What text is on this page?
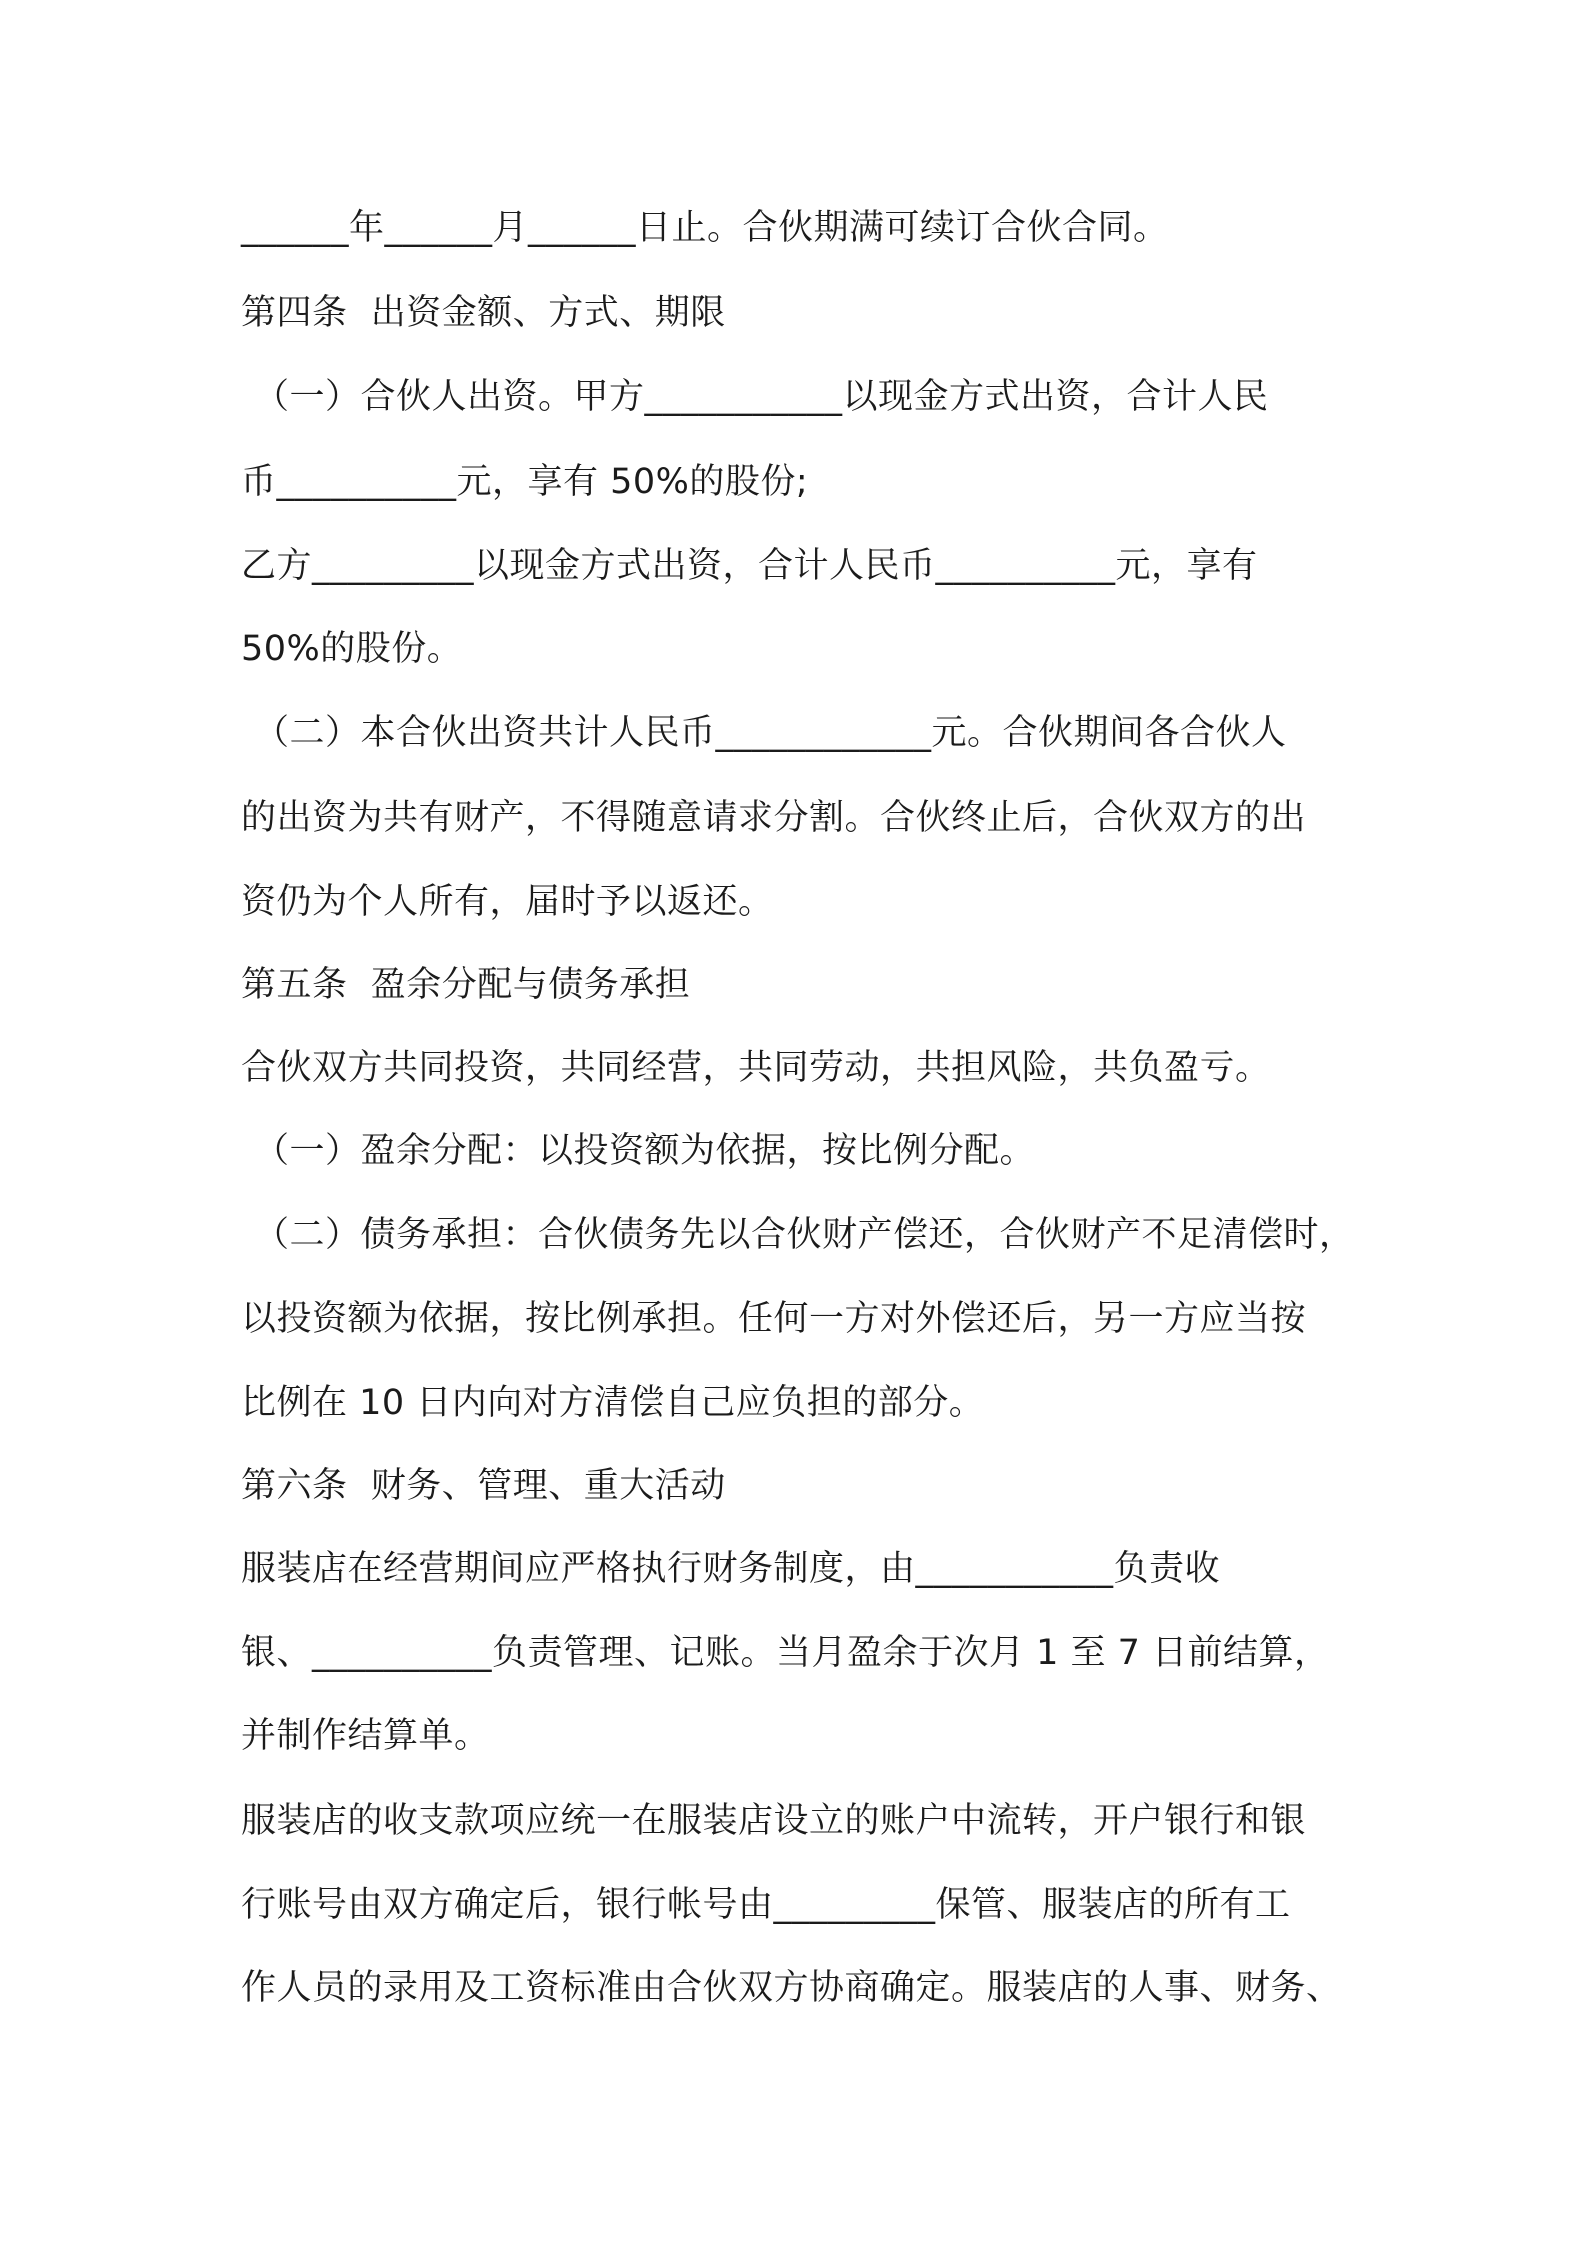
______年______月______日止。合伙期满可续订合伙合同。
第四条  出资金额、方式、期限
（一）合伙人出资。甲方___________以现金方式出资，合计人民
币__________元，享有 50%的股份;
乙方_________以现金方式出资，合计人民币__________元，享有
50%的股份。
（二）本合伙出资共计人民币____________元。合伙期间各合伙人
的出资为共有财产，不得随意请求分割。合伙终止后，合伙双方的出
资仍为个人所有，届时予以返还。
第五条  盈余分配与债务承担
合伙双方共同投资，共同经营，共同劳动，共担风险，共负盈亏。
（一）盈余分配：以投资额为依据，按比例分配。
（二）债务承担：合伙债务先以合伙财产偿还，合伙财产不足清偿时，
以投资额为依据，按比例承担。任何一方对外偿还后，另一方应当按
比例在 10 日内向对方清偿自己应负担的部分。
第六条  财务、管理、重大活动
服装店在经营期间应严格执行财务制度，由___________负责收
银、__________负责管理、记账。当月盈余于次月 1 至 7 日前结算，
并制作结算单。
服装店的收支款项应统一在服装店设立的账户中流转，开户银行和银
行账号由双方确定后，银行帐号由_________保管、服装店的所有工
作人员的录用及工资标准由合伙双方协商确定。服装店的人事、财务、
